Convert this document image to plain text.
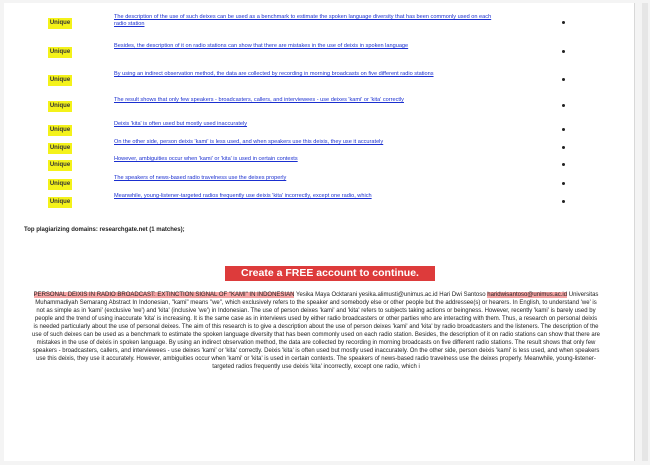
Unique
The description of the use of such deixes can be used as a benchmark to estimate the spoken language diversity that has been commonly used on each radio station
Unique
Besides, the description of it on radio stations can show that there are mistakes in the use of deixis in spoken language
Unique
By using an indirect observation method, the data are collected by recording in morning broadcasts on five different radio stations
Unique
The result shows that only few speakers - broadcasters, callers, and interviewees - use deixes 'kami' or 'kita' correctly
Unique
Deixis 'kita' is often used but mostly used inaccurately
Unique
On the other side, person deixis 'kami' is less used, and when speakers use this deixis, they use it accurately
Unique
However, ambiguities occur when 'kami' or 'kita' is used in certain contexts
Unique
The speakers of news-based radio travelness use the deixes properly
Unique
Meanwhile, young-listener-targeted radios frequently use deixis 'kita' incorrectly, except one radio, which
Top plagiarizing domains: researchgate.net (1 matches);
Create a FREE account to continue.
PERSONAL DEIXIS IN RADIO BROADCAST: EXTINCTION SIGNAL OF "KAMI" IN INDONESIAN Yesika Maya Ocktarani yesika.alimusti@unimus.ac.id Hari Dwi Santoso haridwisantoso@unimus.ac.id Universitas Muhammadiyah Semarang Abstract In Indonesian, "kami" means "we", which exclusively refers to the speaker and somebody else or other people but the addressee(s) or hearers. In English, to understand 'we' is not as simple as in 'kami' (exclusive 'we') and 'kita' (inclusive 'we') in Indonesian. The use of person deixes 'kami' and 'kita' refers to subjects taking actions or beingness. However, recently 'kami' is barely used by people and the trend of using inaccurate 'kita' is increasing. It is the same case as in interviews used by either radio broadcasters or other parties who are interacting with them. Thus, a research on personal deixis is needed particularly about the use of personal deixes. The aim of this research is to give a description about the use of person deixes 'kami' and 'kita' by radio broadcasters and the listeners. The description of the use of such deixes can be used as a benchmark to estimate the spoken language diversity that has been commonly used on each radio station. Besides, the description of it on radio stations can show that there are mistakes in the use of deixis in spoken language. By using an indirect observation method, the data are collected by recording in morning broadcasts on five different radio stations. The result shows that only few speakers - broadcasters, callers, and interviewees - use deixes 'kami' or 'kita' correctly. Deixis 'kita' is often used but mostly used inaccurately. On the other side, person deixis 'kami' is less used, and when speakers use this deixis, they use it accurately. However, ambiguities occur when 'kami' or 'kita' is used in certain contexts. The speakers of news-based radio travelness use the deixes properly. Meanwhile, young-listener-targeted radios frequently use deixis 'kita' incorrectly, except one radio, which i
